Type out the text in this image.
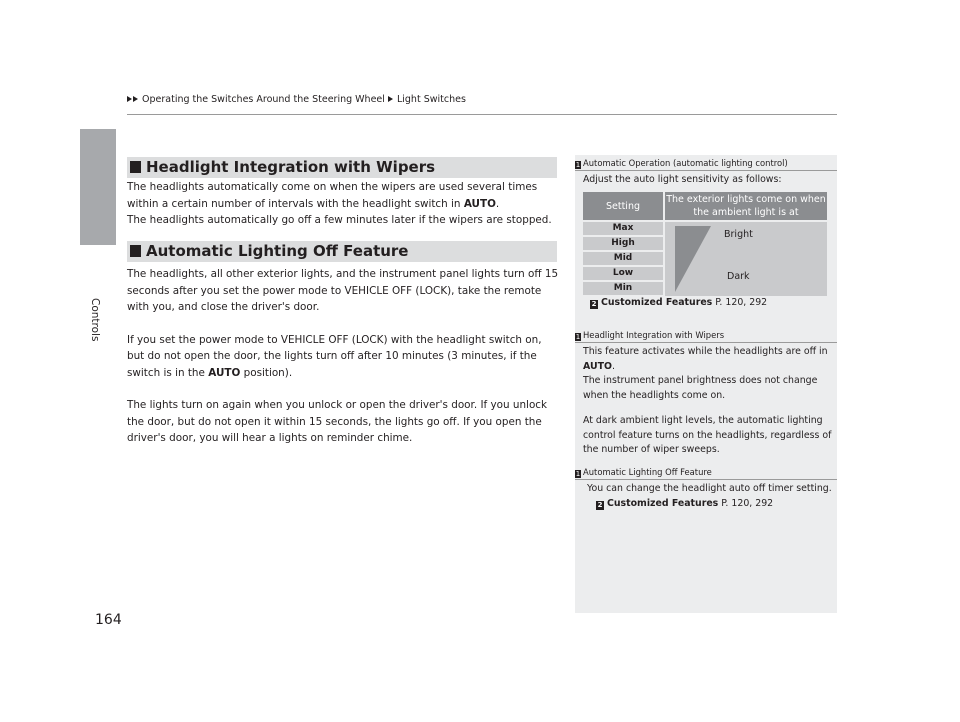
Operating the Switches Around the Steering Wheel Light Switches
Controls
164
Headlight Integration with Wipers

The headlights automatically come on when the wipers are used several times within a certain number of intervals with the headlight switch in AUTO.

The headlights automatically go off a few minutes later if the wipers are stopped.

Automatic Lighting Off Feature

The headlights, all other exterior lights, and the instrument panel lights turn off 15 seconds after you set the power mode to VEHICLE OFF (LOCK), take the remote with you, and close the driver's door.

If you set the power mode to VEHICLE OFF (LOCK) with the headlight switch on, but do not open the door, the lights turn off after 10 minutes (3 minutes, if the switch is in the AUTO position).

The lights turn on again when you unlock or open the driver's door. If you unlock the door, but do not open it within 15 seconds, the lights go off. If you open the driver's door, you will hear a lights on reminder chime.

1 Automatic Operation (automatic lighting control)
Adjust the auto light sensitivity as follows:
Setting
The exterior lights come on when the ambient light is at
Max
High
Mid
Low
Min
Bright
Dark
2 Customized Features P. 120, 292
1 Headlight Integration with Wipers

This feature activates while the headlights are off in AUTO.

The instrument panel brightness does not change when the headlights come on.

At dark ambient light levels, the automatic lighting control feature turns on the headlights, regardless of the number of wiper sweeps.

1 Automatic Lighting Off Feature
You can change the headlight auto off timer setting.
2 Customized Features P. 120, 292
